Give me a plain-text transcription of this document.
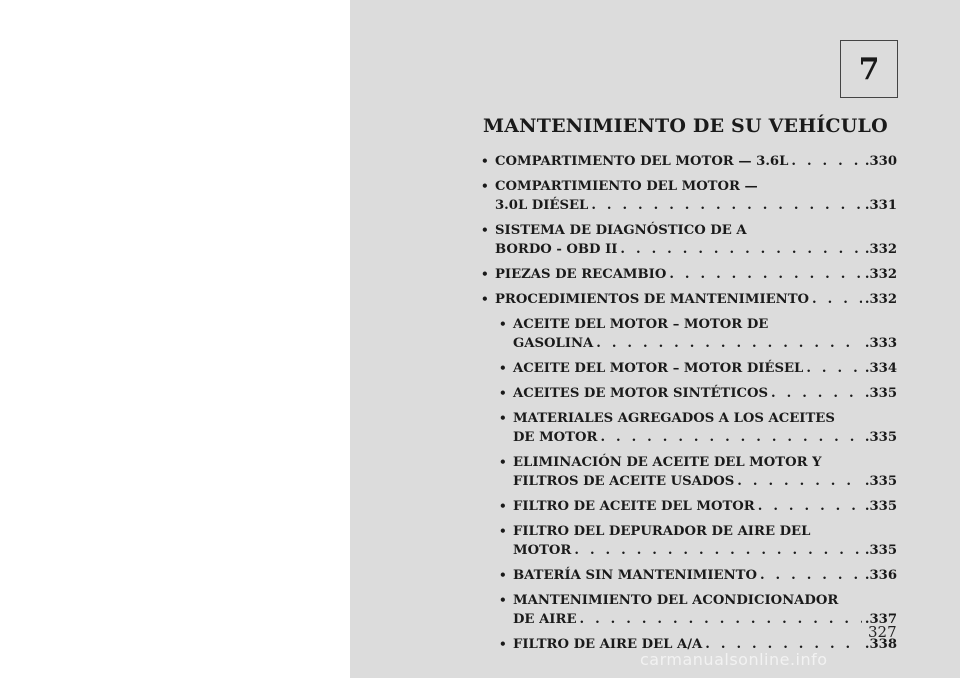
7
MANTENIMIENTO DE SU VEHÍCULO
• COMPARTIMENTO DEL MOTOR — 3.6L . . .	.330
• COMPARTIMIENTO DEL MOTOR —
3.0L DIÉSEL . . .	.331
• SISTEMA DE DIAGNÓSTICO DE A
BORDO - OBD II . . .	.332
• PIEZAS DE RECAMBIO . . .	.332
• PROCEDIMIENTOS DE MANTENIMIENTO . . .	.332
• ACEITE DEL MOTOR – MOTOR DE
GASOLINA . . .	.333
• ACEITE DEL MOTOR – MOTOR DIÉSEL . . .	.334
• ACEITES DE MOTOR SINTÉTICOS . . .	.335
• MATERIALES AGREGADOS A LOS ACEITES
DE MOTOR . . .	.335
• ELIMINACIÓN DE ACEITE DEL MOTOR Y
FILTROS DE ACEITE USADOS . . .	.335
• FILTRO DE ACEITE DEL MOTOR . . .	.335
• FILTRO DEL DEPURADOR DE AIRE DEL
MOTOR . . .	.335
• BATERÍA SIN MANTENIMIENTO . . .	.336
• MANTENIMIENTO DEL ACONDICIONADOR
DE AIRE . . .	.337
• FILTRO DE AIRE DEL A/A . . .	.338
327
carmanualsonline.info
